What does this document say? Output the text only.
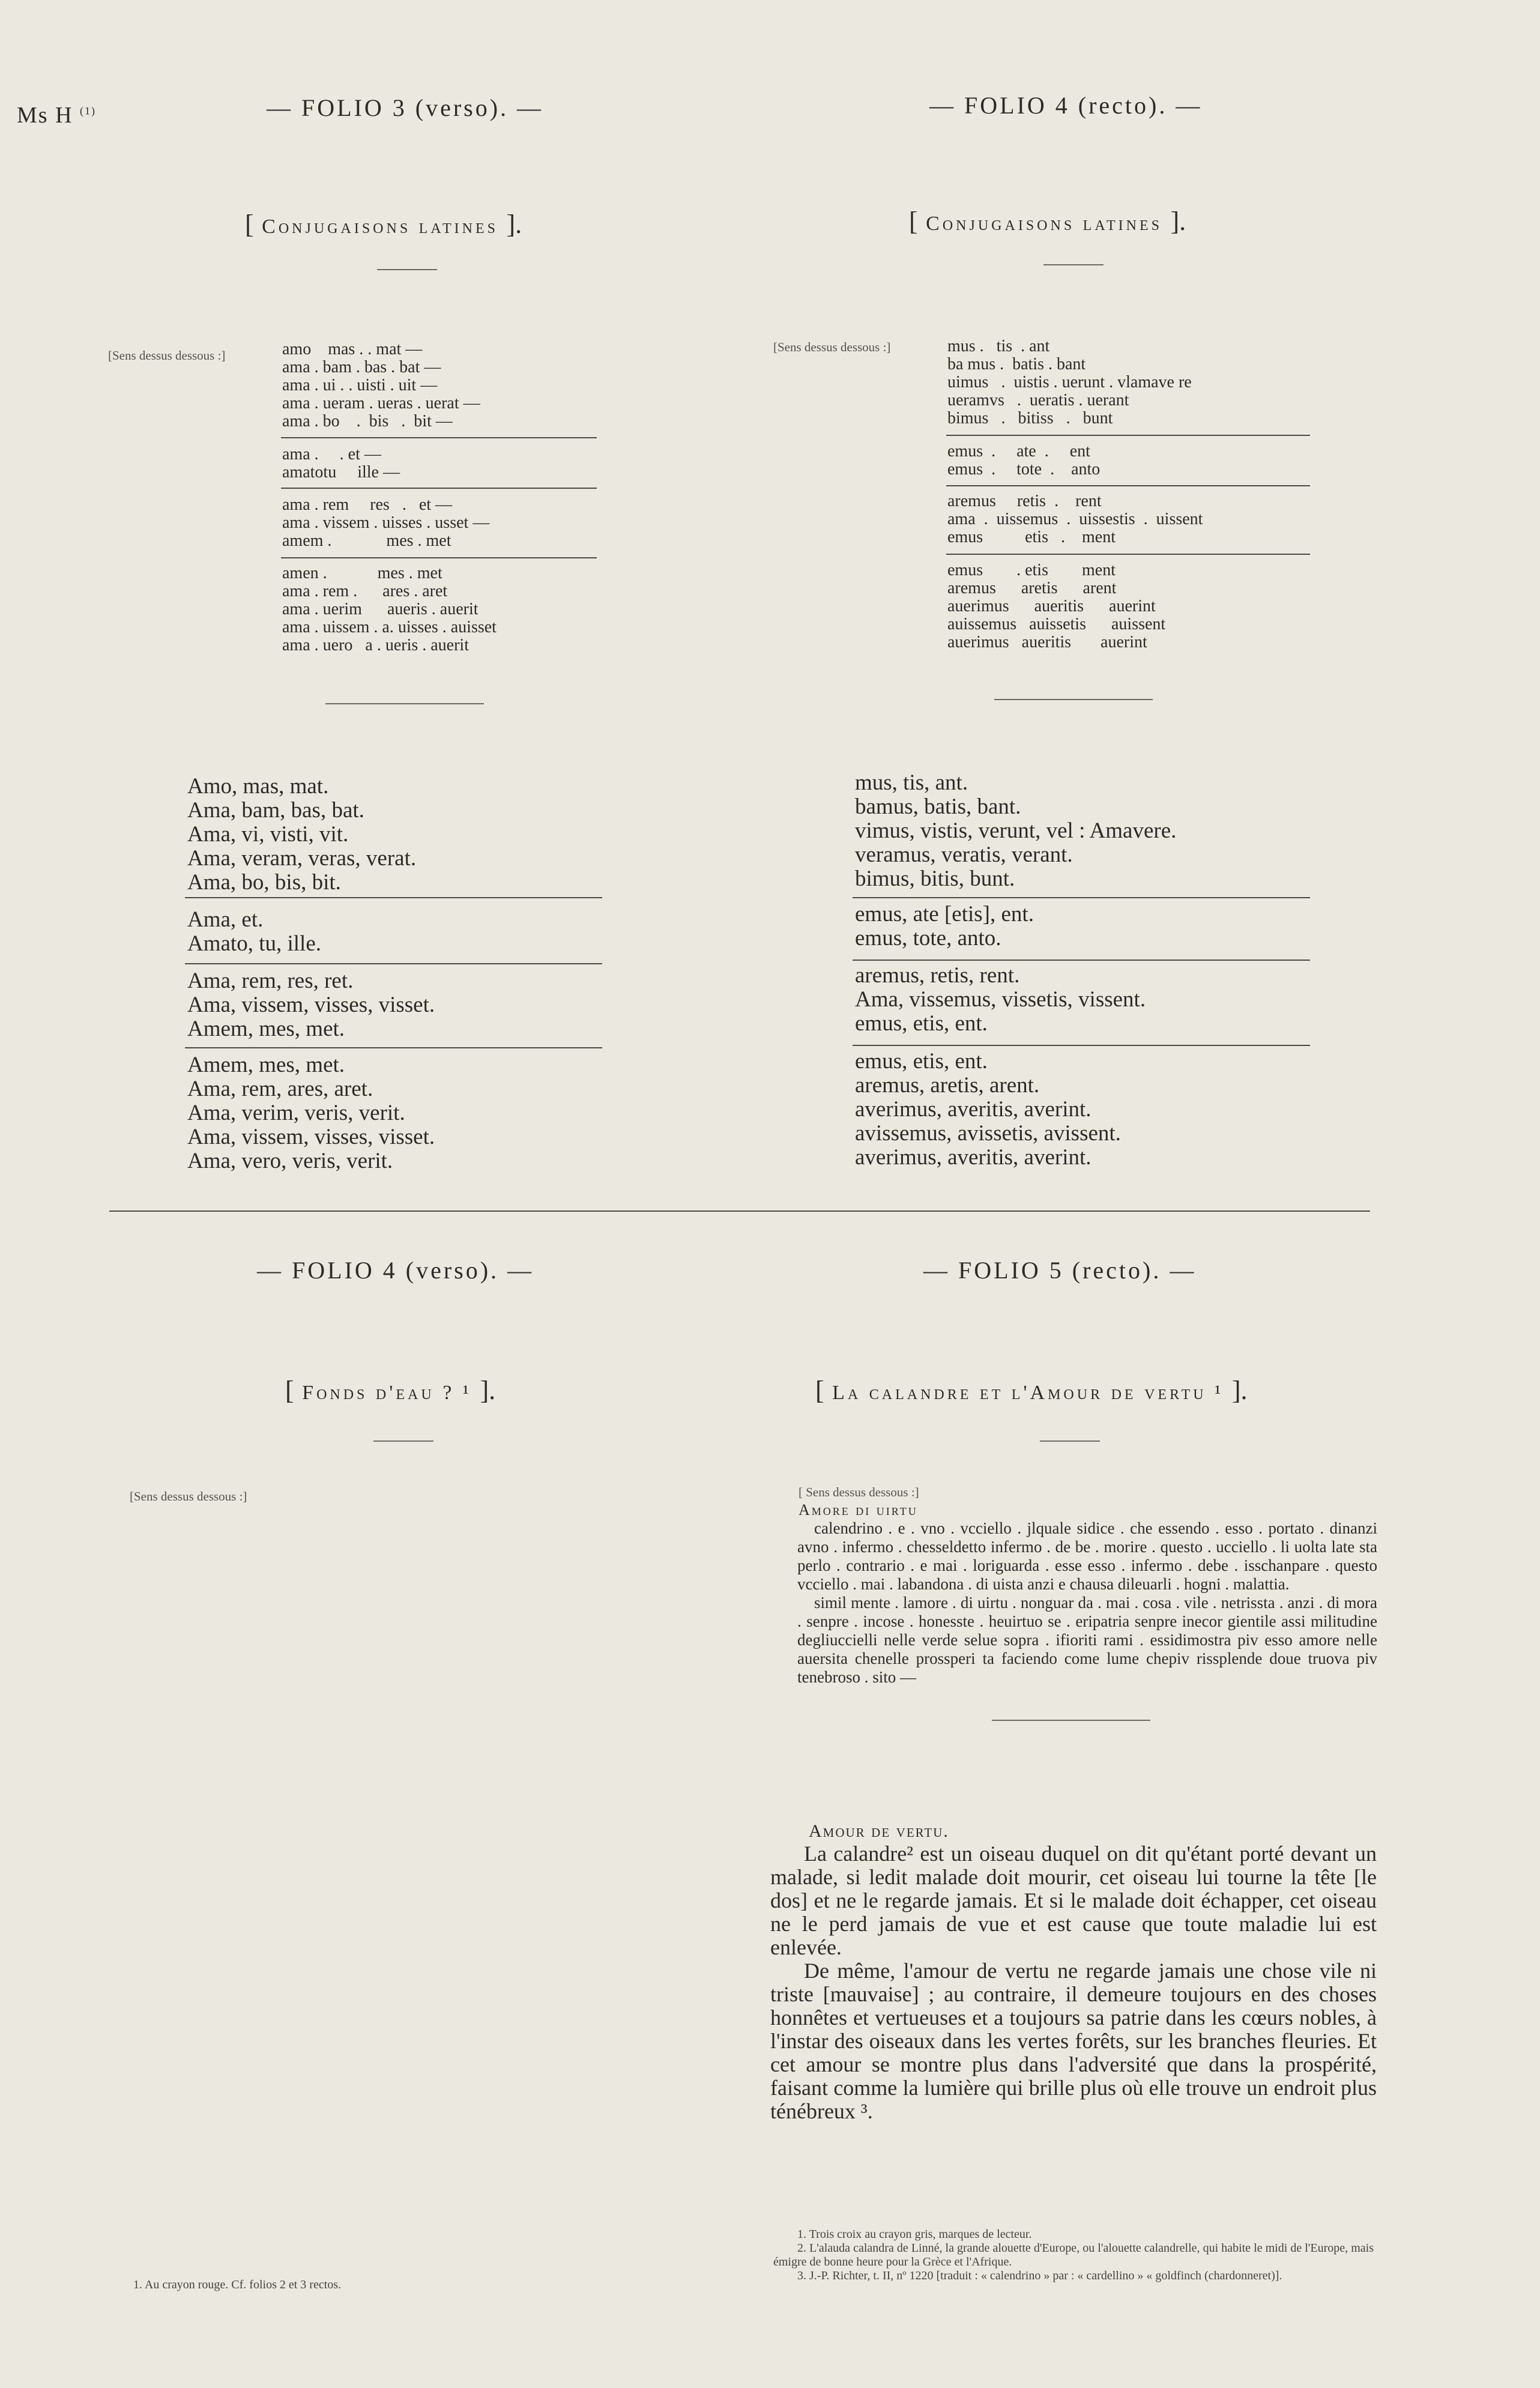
Ms H $^{(1)}$	— FOLIO 3 (verso). —	— FOLIO 4 (recto). —
— FOLIO 4 (verso). —	— FOLIO 5 (recto). —
[ Conjugaisons latines ].	[ Conjugaisons latines ].
[ Fonds d'eau ? ¹ ].	[ La calandre et l'Amour de vertu ¹ ].
[Sens dessus dessous :]
[Sens dessus dessous :]
[Sens dessus dessous :]
amo    mas . . mat —
ama . bam . bas . bat —
ama . ui . . uisti . uit —
ama . ueram . ueras . uerat —
ama . bo    .  bis   .  bit —
ama .     . et —
amatotu     ille —
ama . rem     res   .   et —
ama . vissem . uisses . usset —
amem .             mes . met
amen .            mes . met
ama . rem .      ares . aret
ama . uerim      aueris . auerit
ama . uissem . a. uisses . auisset
ama . uero   a . ueris . auerit
mus .   tis  . ant
ba mus .  batis . bant
uimus   .  uistis . uerunt . vlamave re
ueramvs   .  ueratis . uerant
bimus   .   bitiss   .   bunt
emus  .     ate  .     ent
emus  .     tote  .    anto
aremus     retis  .    rent
ama  .  uissemus  .  uissestis  .  uissent
emus          etis   .    ment
emus        . etis        ment
aremus      aretis      arent
auerimus      aueritis      auerint
auissemus   auissetis      auissent
auerimus   aueritis       auerint
Amo, mas, mat.
Ama, bam, bas, bat.
Ama, vi, visti, vit.
Ama, veram, veras, verat.
Ama, bo, bis, bit.
Ama, et.
Amato, tu, ille.
Ama, rem, res, ret.
Ama, vissem, visses, visset.
Amem, mes, met.
Amem, mes, met.
Ama, rem, ares, aret.
Ama, verim, veris, verit.
Ama, vissem, visses, visset.
Ama, vero, veris, verit.
mus, tis, ant.
bamus, batis, bant.
vimus, vistis, verunt, vel : Amavere.
veramus, veratis, verant.
bimus, bitis, bunt.
emus, ate [etis], ent.
emus, tote, anto.
aremus, retis, rent.
Ama, vissemus, vissetis, vissent.
emus, etis, ent.
emus, etis, ent.
aremus, aretis, arent.
averimus, averitis, averint.
avissemus, avissetis, avissent.
averimus, averitis, averint.
[ Sens dessus dessous :]
Amore di uirtu
calendrino . e . vno . vcciello . jlquale sidice . che essendo . esso . portato . dinanzi avno . infermo . chesseldetto infermo . de be . morire . questo . ucciello . li uolta late sta perlo . contrario . e mai . loriguarda . esse esso . infermo . debe . isschanpare . questo vcciello . mai . labandona . di uista anzi e chausa dileuarli . hogni . malattia.
simil mente . lamore . di uirtu . nonguar da . mai . cosa . vile . netrissta . anzi . di mora . senpre . incose . honesste . heuirtuo se . eripatria senpre inecor gientile assi militudine degliuccielli nelle verde selue sopra . ifioriti rami . essidimostra piv esso amore nelle auersita chenelle prossperi ta faciendo come lume chepiv rissplende doue truova piv tenebroso . sito —
Amour de vertu.

La calandre² est un oiseau duquel on dit qu'étant porté devant un malade, si ledit malade doit mourir, cet oiseau lui tourne la tête [le dos] et ne le regarde jamais. Et si le malade doit échapper, cet oiseau ne le perd jamais de vue et est cause que toute maladie lui est enlevée.

De même, l'amour de vertu ne regarde jamais une chose vile ni triste [mauvaise] ; au contraire, il demeure toujours en des choses honnêtes et vertueuses et a toujours sa patrie dans les cœurs nobles, à l'instar des oiseaux dans les vertes forêts, sur les branches fleuries. Et cet amour se montre plus dans l'adversité que dans la prospérité, faisant comme la lumière qui brille plus où elle trouve un endroit plus ténébreux ³.

1. Au crayon rouge. Cf. folios 2 et 3 rectos.
1. Trois croix au crayon gris, marques de lecteur.
2. L'alauda calandra de Linné, la grande alouette d'Europe, ou l'alouette calandrelle, qui habite le midi de l'Europe, mais émigre de bonne heure pour la Grèce et l'Afrique.
3. J.-P. Richter, t. II, nº 1220 [traduit : « calendrino » par : « cardellino » « goldfinch (chardonneret)].
